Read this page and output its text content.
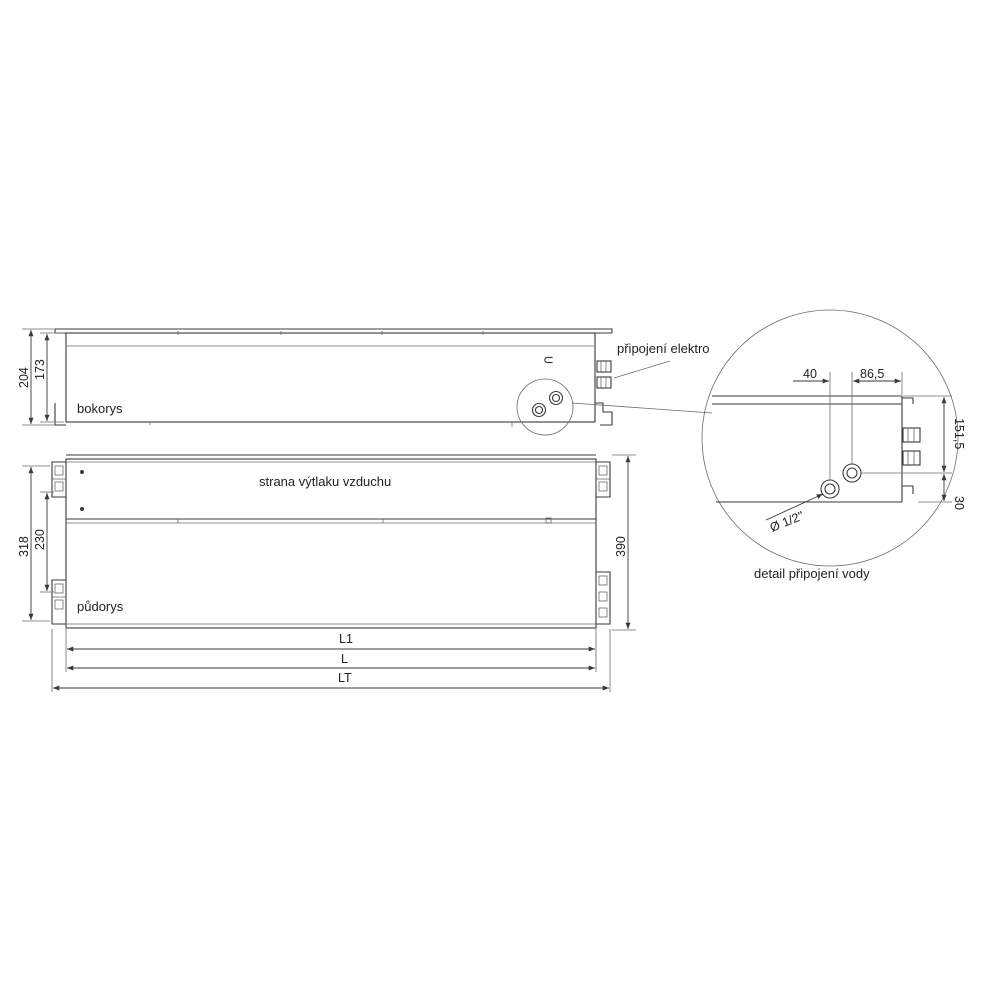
⊂
připojení elektro
bokorys
204 173
strana výtlaku vzduchu
půdorys
318 230	390
L1
L
LT
40	86,5
151,5
30
Ø 1/2''
detail připojení vody
